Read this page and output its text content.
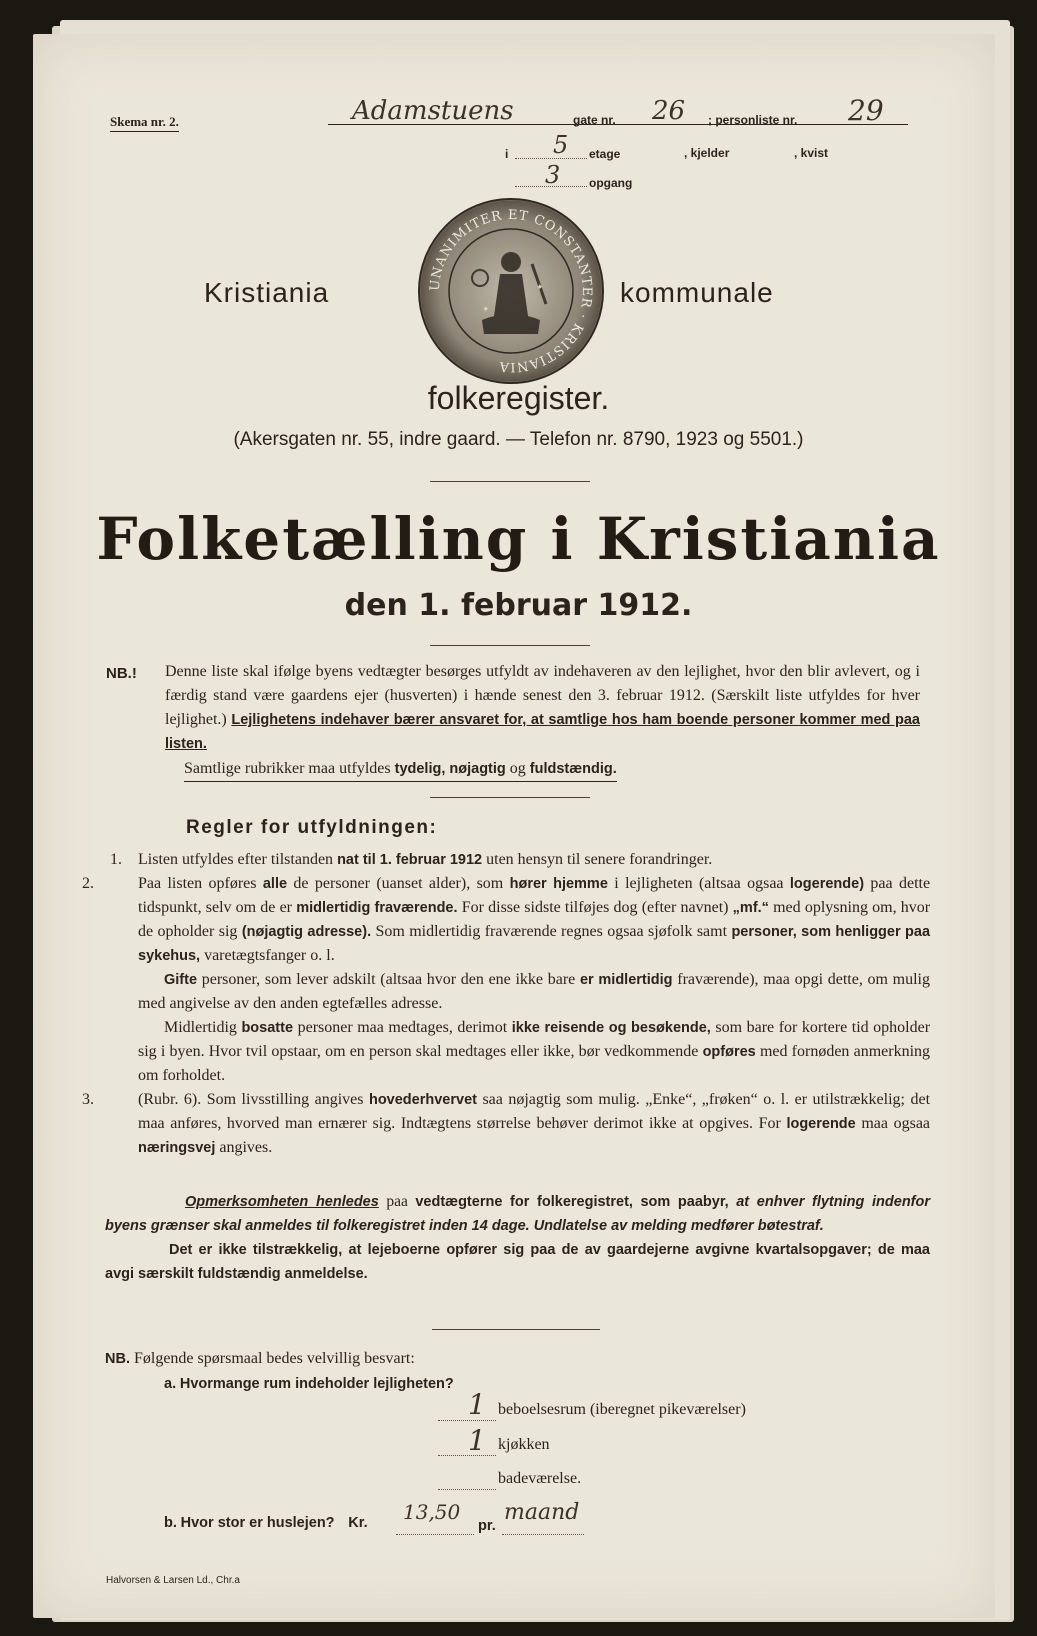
Skema nr. 2.	Adamstuens	gate nr. 26 ; personliste nr. 29
i 5 etage	, kjelder	, kvist
3 opgang
Kristiania	UNANIMITER ET CONSTANTER · KRISTIANIA
✦
✦	kommunale
folkeregister.
(Akersgaten nr. 55, indre gaard. — Telefon nr. 8790, 1923 og 5501.)
Folketælling i Kristiania
den 1. februar 1912.
NB.! Denne liste skal ifølge byens vedtægter besørges utfyldt av indehaveren av den lejlighet, hvor den blir avlevert, og i færdig stand være gaardens ejer (husverten) i hænde senest den 3. februar 1912. (Særskilt liste utfyldes for hver lejlighet.) Lejlighetens indehaver bærer ansvaret for, at samtlige hos ham boende personer kommer med paa listen.
Samtlige rubrikker maa utfyldes tydelig, nøjagtig og fuldstændig.
Regler for utfyldningen:

1. Listen utfyldes efter tilstanden nat til 1. februar 1912 uten hensyn til senere forandringer.

2.	Paa listen opføres alle de personer (uanset alder), som hører hjemme i lejligheten (altsaa ogsaa logerende) paa dette tidspunkt, selv om de er midlertidig fraværende. For disse sidste tilføjes dog (efter navnet) „mf.“ med oplysning om, hvor de opholder sig (nøjagtig adresse). Som midlertidig fraværende regnes ogsaa sjøfolk samt personer, som henligger paa sykehus, varetægtsfanger o. l.

Gifte personer, som lever adskilt (altsaa hvor den ene ikke bare er midlertidig fraværende), maa opgi dette, om mulig med angivelse av den anden egtefælles adresse.

Midlertidig bosatte personer maa medtages, derimot ikke reisende og besøkende, som bare for kortere tid opholder sig i byen. Hvor tvil opstaar, om en person skal medtages eller ikke, bør vedkommende opføres med fornøden anmerkning om forholdet.

3.	(Rubr. 6). Som livsstilling angives hovederhvervet saa nøjagtig som mulig. „Enke“, „frøken“ o. l. er utilstrækkelig; det maa anføres, hvorved man ernærer sig. Indtægtens størrelse behøver derimot ikke at opgives. For logerende maa ogsaa næringsvej angives.

Opmerksomheten henledes paa vedtægterne for folkeregistret, som paabyr, at enhver flytning indenfor byens grænser skal anmeldes til folkeregistret inden 14 dage. Undlatelse av melding medfører bøtestraf.
Det er ikke tilstrækkelig, at lejeboerne opfører sig paa de av gaardejerne avgivne kvartalsopgaver; de maa avgi særskilt fuldstændig anmeldelse.
NB. Følgende spørsmaal bedes velvillig besvart:
a. Hvormange rum indeholder lejligheten?
1 beboelsesrum (iberegnet pikeværelser)
1 kjøkken
badeværelse.
b. Hvor stor er huslejen? Kr. 13,50
pr.
maand
Halvorsen & Larsen Ld., Chr.a
